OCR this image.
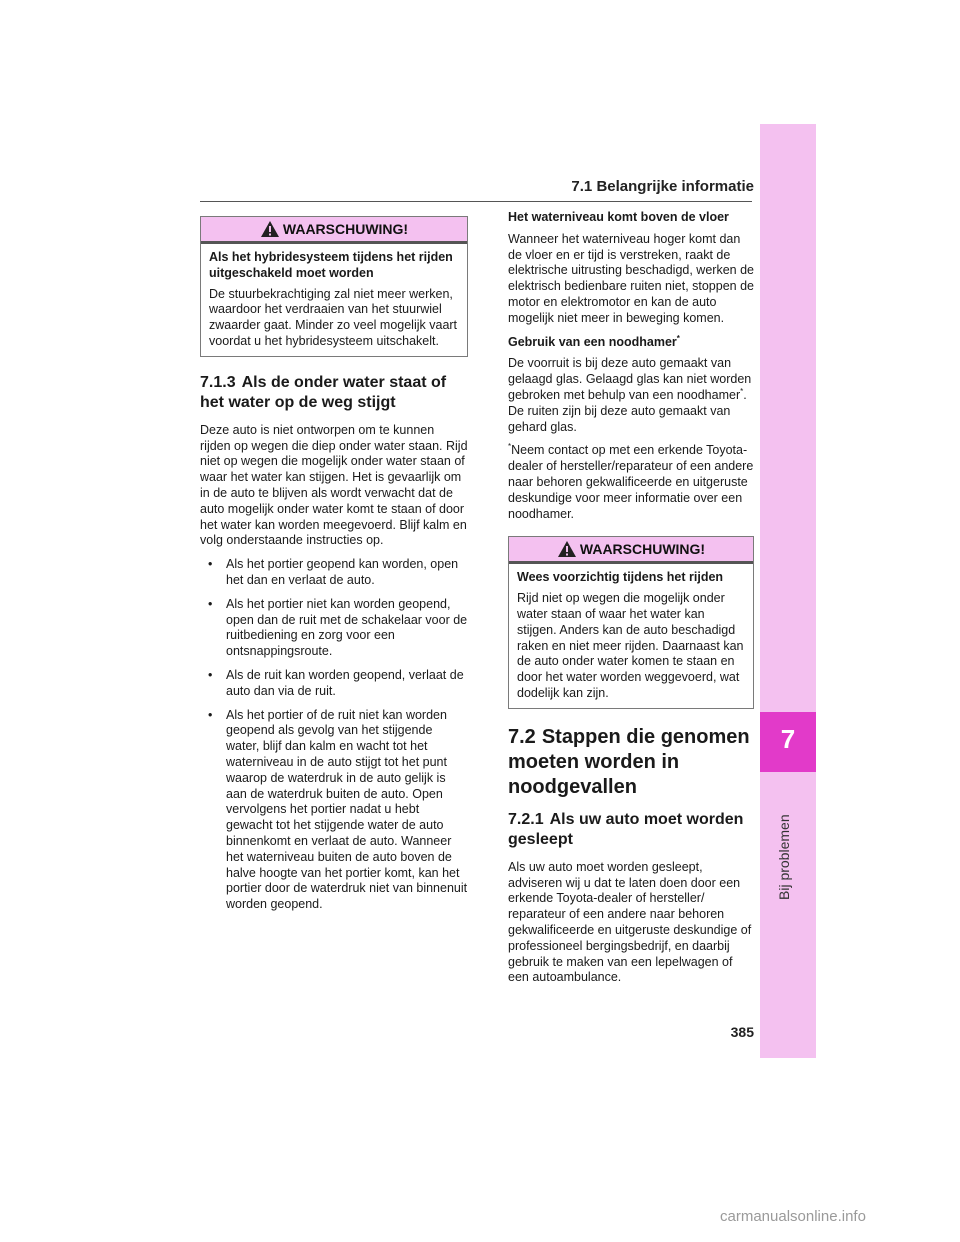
7.1 Belangrijke informatie
7
Bij problemen
WAARSCHUWING!
Als het hybridesysteem tijdens het rijden uitgeschakeld moet worden

De stuurbekrachtiging zal niet meer werken, waardoor het verdraaien van het stuurwiel zwaarder gaat. Minder zo veel mogelijk vaart voordat u het hybridesysteem uitschakelt.

7.1.3 Als de onder water staat of het water op de weg stijgt

Deze auto is niet ontworpen om te kunnen rijden op wegen die diep onder water staan. Rijd niet op wegen die mogelijk onder water staan of waar het water kan stijgen. Het is gevaarlijk om in de auto te blijven als wordt verwacht dat de auto mogelijk onder water komt te staan of door het water kan worden meegevoerd. Blijf kalm en volg onderstaande instructies op.

• Als het portier geopend kan worden, open het dan en verlaat de auto.
• Als het portier niet kan worden geopend, open dan de ruit met de schakelaar voor de ruitbediening en zorg voor een ontsnappingsroute.
• Als de ruit kan worden geopend, verlaat de auto dan via de ruit.
• Als het portier of de ruit niet kan worden geopend als gevolg van het stijgende water, blijf dan kalm en wacht tot het waterniveau in de auto stijgt tot het punt waarop de waterdruk in de auto gelijk is aan de waterdruk buiten de auto. Open vervolgens het portier nadat u hebt gewacht tot het stijgende water de auto binnenkomt en verlaat de auto. Wanneer het waterniveau buiten de auto boven de halve hoogte van het portier komt, kan het portier door de waterdruk niet van binnenuit worden geopend.
Het waterniveau komt boven de vloer

Wanneer het waterniveau hoger komt dan de vloer en er tijd is verstreken, raakt de elektrische uitrusting beschadigd, werken de elektrisch bedienbare ruiten niet, stoppen de motor en elektromotor en kan de auto mogelijk niet meer in beweging komen.

Gebruik van een noodhamer*

De voorruit is bij deze auto gemaakt van gelaagd glas. Gelaagd glas kan niet worden gebroken met behulp van een noodhamer*. De ruiten zijn bij deze auto gemaakt van gehard glas.

*Neem contact op met een erkende Toyota-dealer of hersteller/reparateur of een andere naar behoren gekwalificeerde en uitgeruste deskundige voor meer informatie over een noodhamer.

WAARSCHUWING!
Wees voorzichtig tijdens het rijden

Rijd niet op wegen die mogelijk onder water staan of waar het water kan stijgen. Anders kan de auto beschadigd raken en niet meer rijden. Daarnaast kan de auto onder water komen te staan en door het water worden weggevoerd, wat dodelijk kan zijn.

7.2 Stappen die genomen moeten worden in noodgevallen
7.2.1 Als uw auto moet worden gesleept

Als uw auto moet worden gesleept, adviseren wij u dat te laten doen door een erkende Toyota-dealer of hersteller/ reparateur of een andere naar behoren gekwalificeerde en uitgeruste deskundige of professioneel bergingsbedrijf, en daarbij gebruik te maken van een lepelwagen of een autoambulance.

385
carmanualsonline.info
